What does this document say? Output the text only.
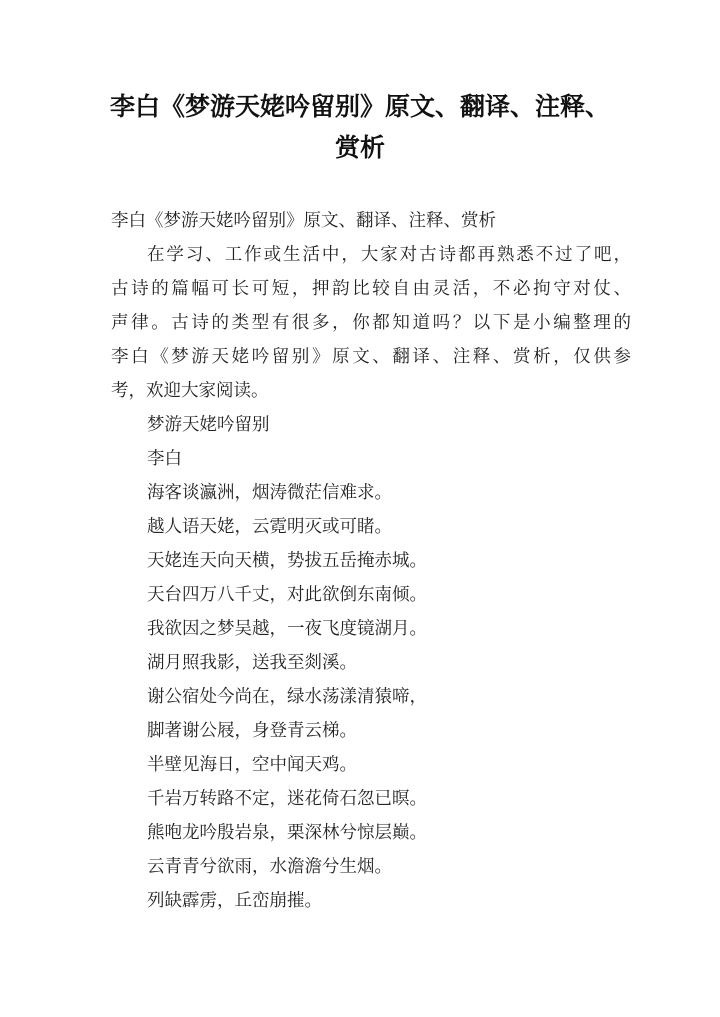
李白《梦游天姥吟留别》原文、翻译、注释、
赏析
李白《梦游天姥吟留别》原文、翻译、注释、赏析
在学习、工作或生活中，大家对古诗都再熟悉不过了吧，
古诗的篇幅可长可短，押韵比较自由灵活，不必拘守对仗、
声律。古诗的类型有很多，你都知道吗？以下是小编整理的
李白《梦游天姥吟留别》原文、翻译、注释、赏析，仅供参
考，欢迎大家阅读。
梦游天姥吟留别
李白
海客谈瀛洲，烟涛微茫信难求。
越人语天姥，云霓明灭或可睹。
天姥连天向天横，势拔五岳掩赤城。
天台四万八千丈，对此欲倒东南倾。
我欲因之梦吴越，一夜飞度镜湖月。
湖月照我影，送我至剡溪。
谢公宿处今尚在，绿水荡漾清猿啼，
脚著谢公屐，身登青云梯。
半壁见海日，空中闻天鸡。
千岩万转路不定，迷花倚石忽已暝。
熊咆龙吟殷岩泉，栗深林兮惊层巅。
云青青兮欲雨，水澹澹兮生烟。
列缺霹雳，丘峦崩摧。
